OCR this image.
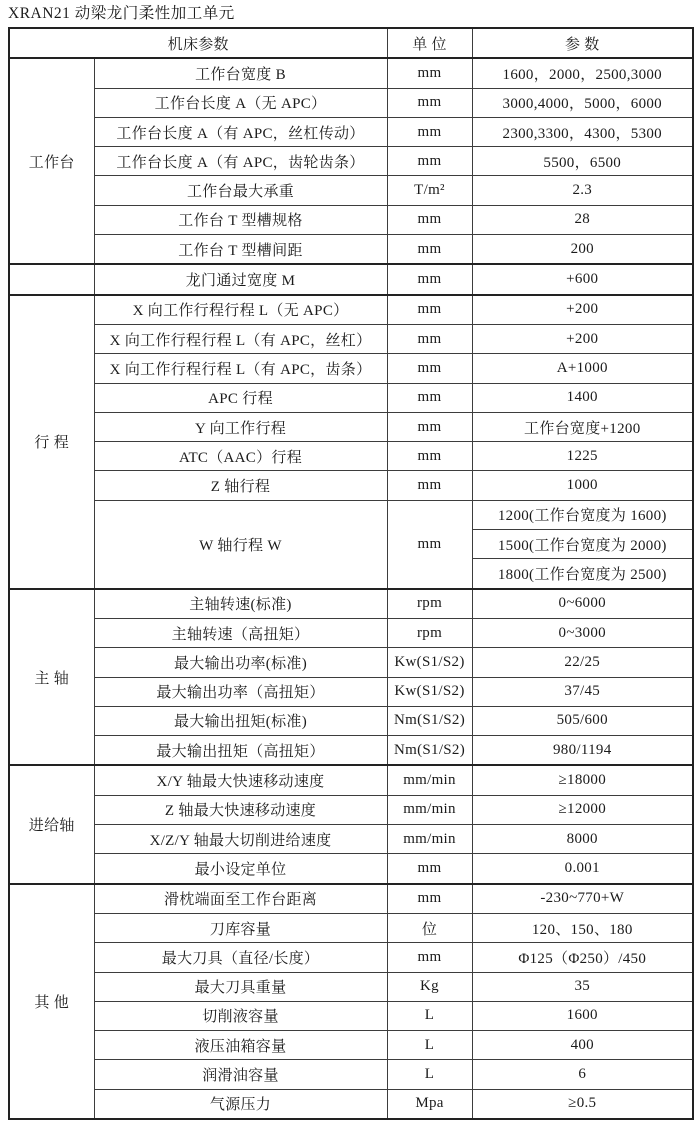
XRAN21 动梁龙门柔性加工单元
机床参数		单 位	参 数
工作台	工作台宽度 B	mm	1600，2000，2500,3000
	工作台长度 A（无 APC）	mm	3000,4000，5000，6000
	工作台长度 A（有 APC，丝杠传动）	mm	2300,3300，4300，5300
	工作台长度 A（有 APC，齿轮齿条）	mm	5500，6500
	工作台最大承重	T/m²	2.3
	工作台 T 型槽规格	mm	28
	工作台 T 型槽间距	mm	200
	龙门通过宽度 M	mm	+600
行 程	X 向工作行程行程 L（无 APC）	mm	+200
	X 向工作行程行程 L（有 APC，丝杠）	mm	+200
	X 向工作行程行程 L（有 APC，齿条）	mm	A+1000
	APC 行程	mm	1400
	Y 向工作行程	mm	工作台宽度+1200
	ATC（AAC）行程	mm	1225
	Z 轴行程	mm	1000
	W 轴行程 W	mm	1200(工作台宽度为 1600)
			1500(工作台宽度为 2000)
			1800(工作台宽度为 2500)
主 轴	主轴转速(标准)	rpm	0~6000
	主轴转速（高扭矩）	rpm	0~3000
	最大输出功率(标准)	Kw(S1/S2)	22/25
	最大输出功率（高扭矩）	Kw(S1/S2)	37/45
	最大输出扭矩(标准)	Nm(S1/S2)	505/600
	最大输出扭矩（高扭矩）	Nm(S1/S2)	980/1194
进给轴	X/Y 轴最大快速移动速度	mm/min	≥18000
	Z 轴最大快速移动速度	mm/min	≥12000
	X/Z/Y 轴最大切削进给速度	mm/min	8000
	最小设定单位	mm	0.001
其 他	滑枕端面至工作台距离	mm	-230~770+W
	刀库容量	位	120、150、180
	最大刀具（直径/长度）	mm	Φ125（Φ250）/450
	最大刀具重量	Kg	35
	切削液容量	L	1600
	液压油箱容量	L	400
	润滑油容量	L	6
	气源压力	Mpa	≥0.5
